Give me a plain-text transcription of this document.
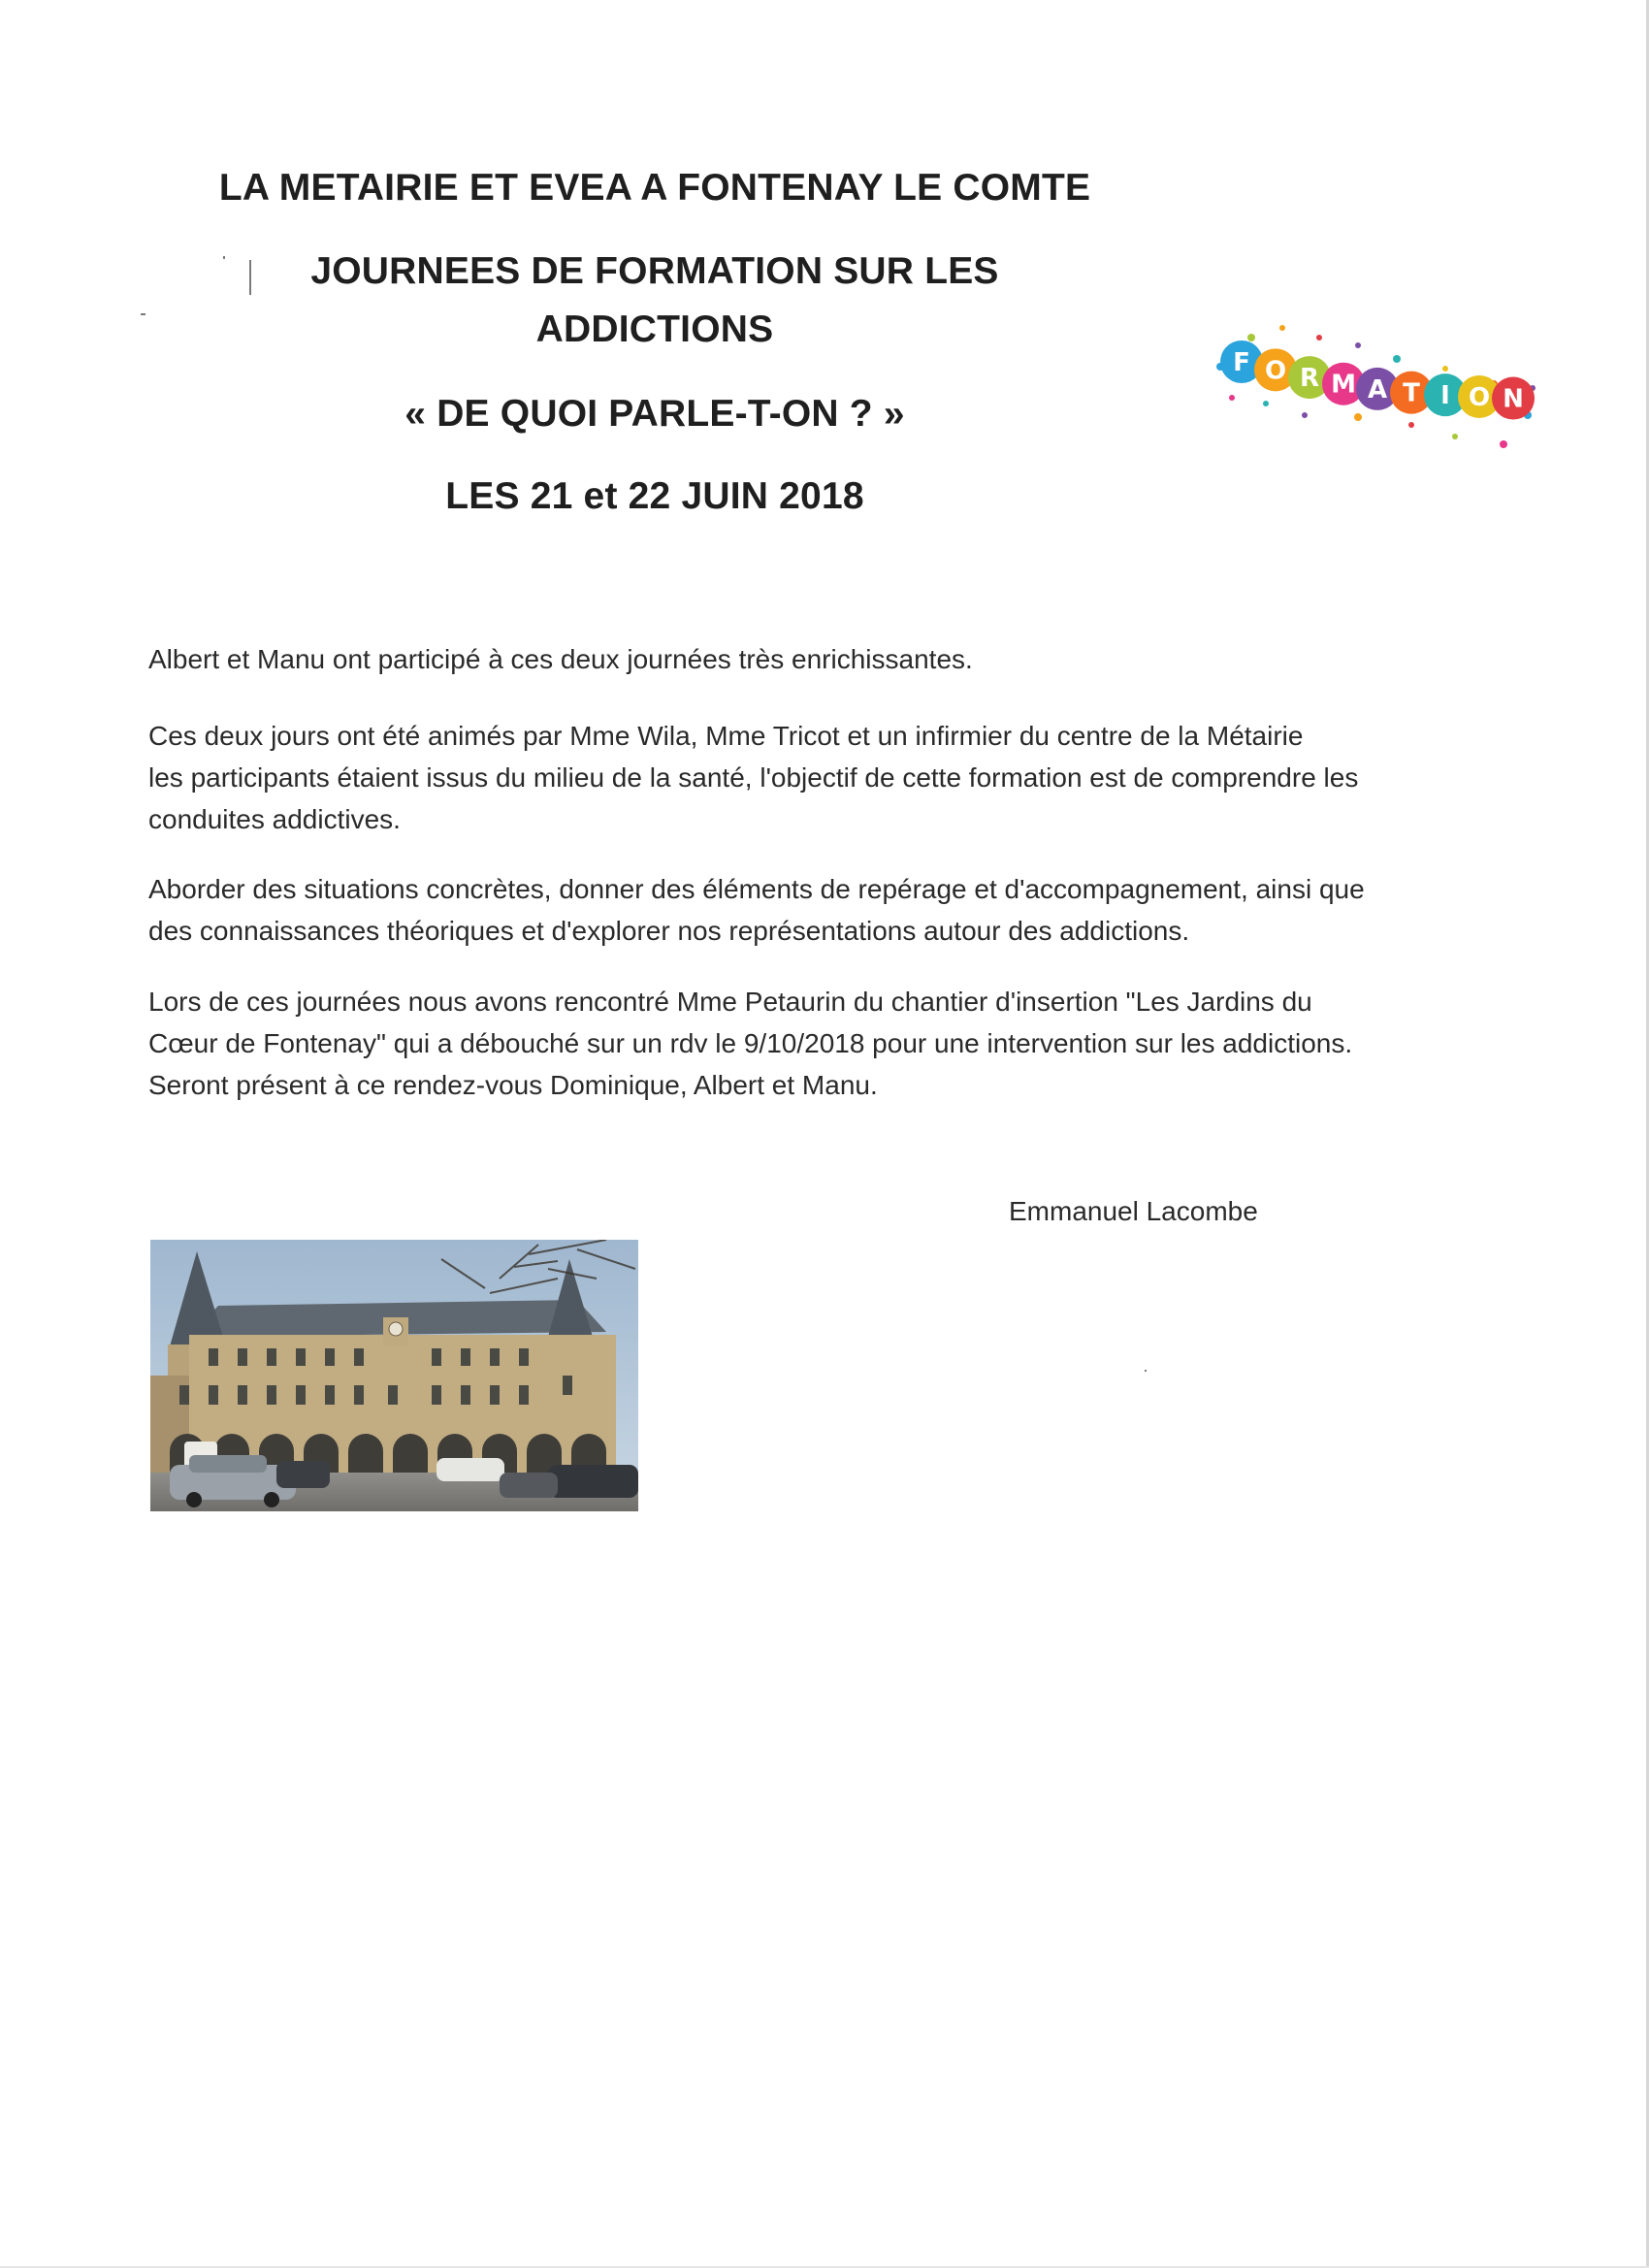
LA METAIRIE ET EVEA A FONTENAY LE COMTE
JOURNEES DE FORMATION SUR LES
ADDICTIONS
« DE QUOI PARLE-T-ON ? »
LES 21 et 22 JUIN 2018
F O R M A T I O N
Albert et Manu ont participé à ces deux journées très enrichissantes.
Ces deux jours ont été animés par Mme Wila, Mme Tricot et un infirmier du centre de la Métairie
les participants étaient issus du milieu de la santé, l'objectif de cette formation est de comprendre les
conduites addictives.
Aborder des situations concrètes, donner des éléments de repérage et d'accompagnement, ainsi que
des connaissances théoriques et d'explorer nos représentations autour des addictions.
Lors de ces journées nous avons rencontré Mme Petaurin du chantier d'insertion "Les Jardins du
Cœur de Fontenay" qui a débouché sur un rdv le 9/10/2018 pour une intervention sur les addictions.
Seront présent à ce rendez-vous Dominique, Albert et Manu.
Emmanuel Lacombe
